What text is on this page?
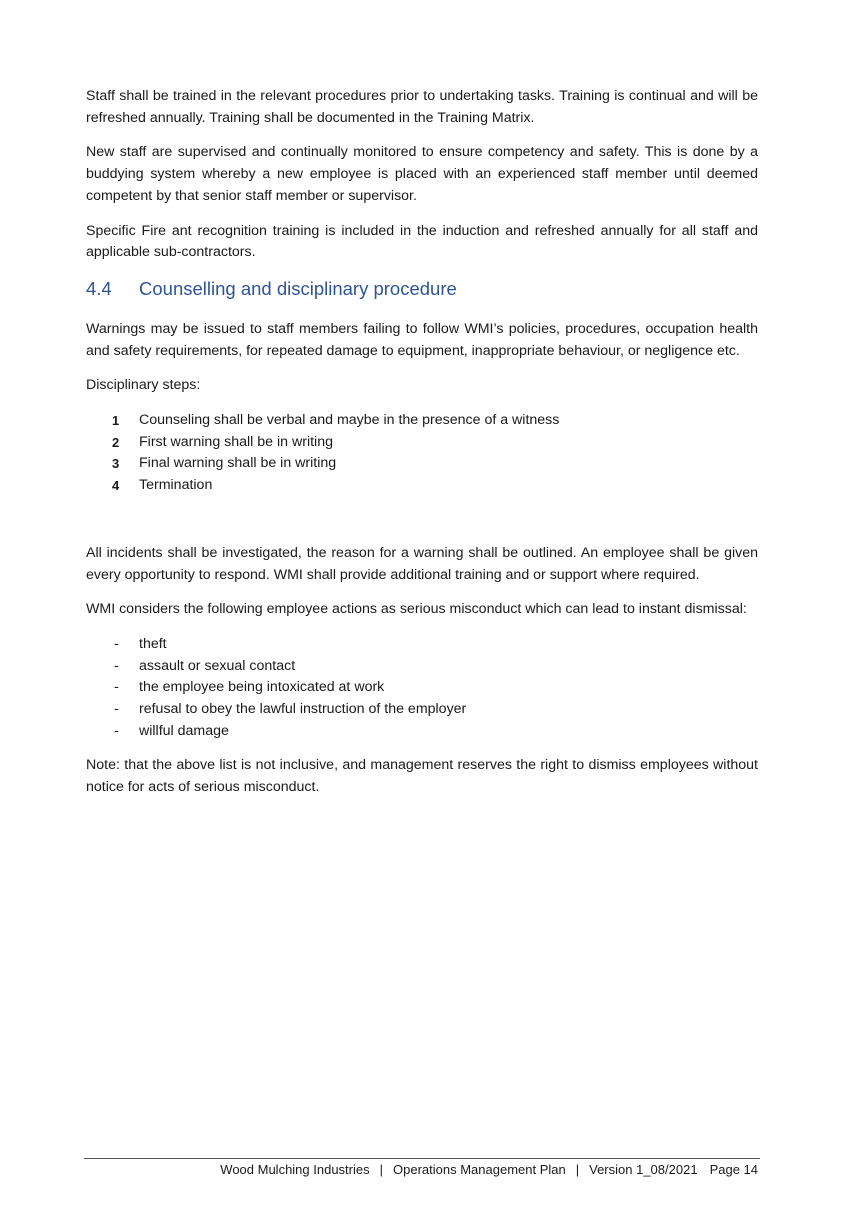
Staff shall be trained in the relevant procedures prior to undertaking tasks. Training is continual and will be refreshed annually. Training shall be documented in the Training Matrix.

New staff are supervised and continually monitored to ensure competency and safety. This is done by a buddying system whereby a new employee is placed with an experienced staff member until deemed competent by that senior staff member or supervisor.

Specific Fire ant recognition training is included in the induction and refreshed annually for all staff and applicable sub-contractors.

4.4 Counselling and disciplinary procedure

Warnings may be issued to staff members failing to follow WMI’s policies, procedures, occupation health and safety requirements, for repeated damage to equipment, inappropriate behaviour, or negligence etc.

Disciplinary steps:

1 Counseling shall be verbal and maybe in the presence of a witness
2 First warning shall be in writing
3 Final warning shall be in writing
4 Termination

All incidents shall be investigated, the reason for a warning shall be outlined. An employee shall be given every opportunity to respond. WMI shall provide additional training and or support where required.

WMI considers the following employee actions as serious misconduct which can lead to instant dismissal:

- theft
- assault or sexual contact
- the employee being intoxicated at work
- refusal to obey the lawful instruction of the employer
- willful damage

Note: that the above list is not inclusive, and management reserves the right to dismiss employees without notice for acts of serious misconduct.

Wood Mulching Industries | Operations Management Plan | Version 1_08/2021 Page 14
